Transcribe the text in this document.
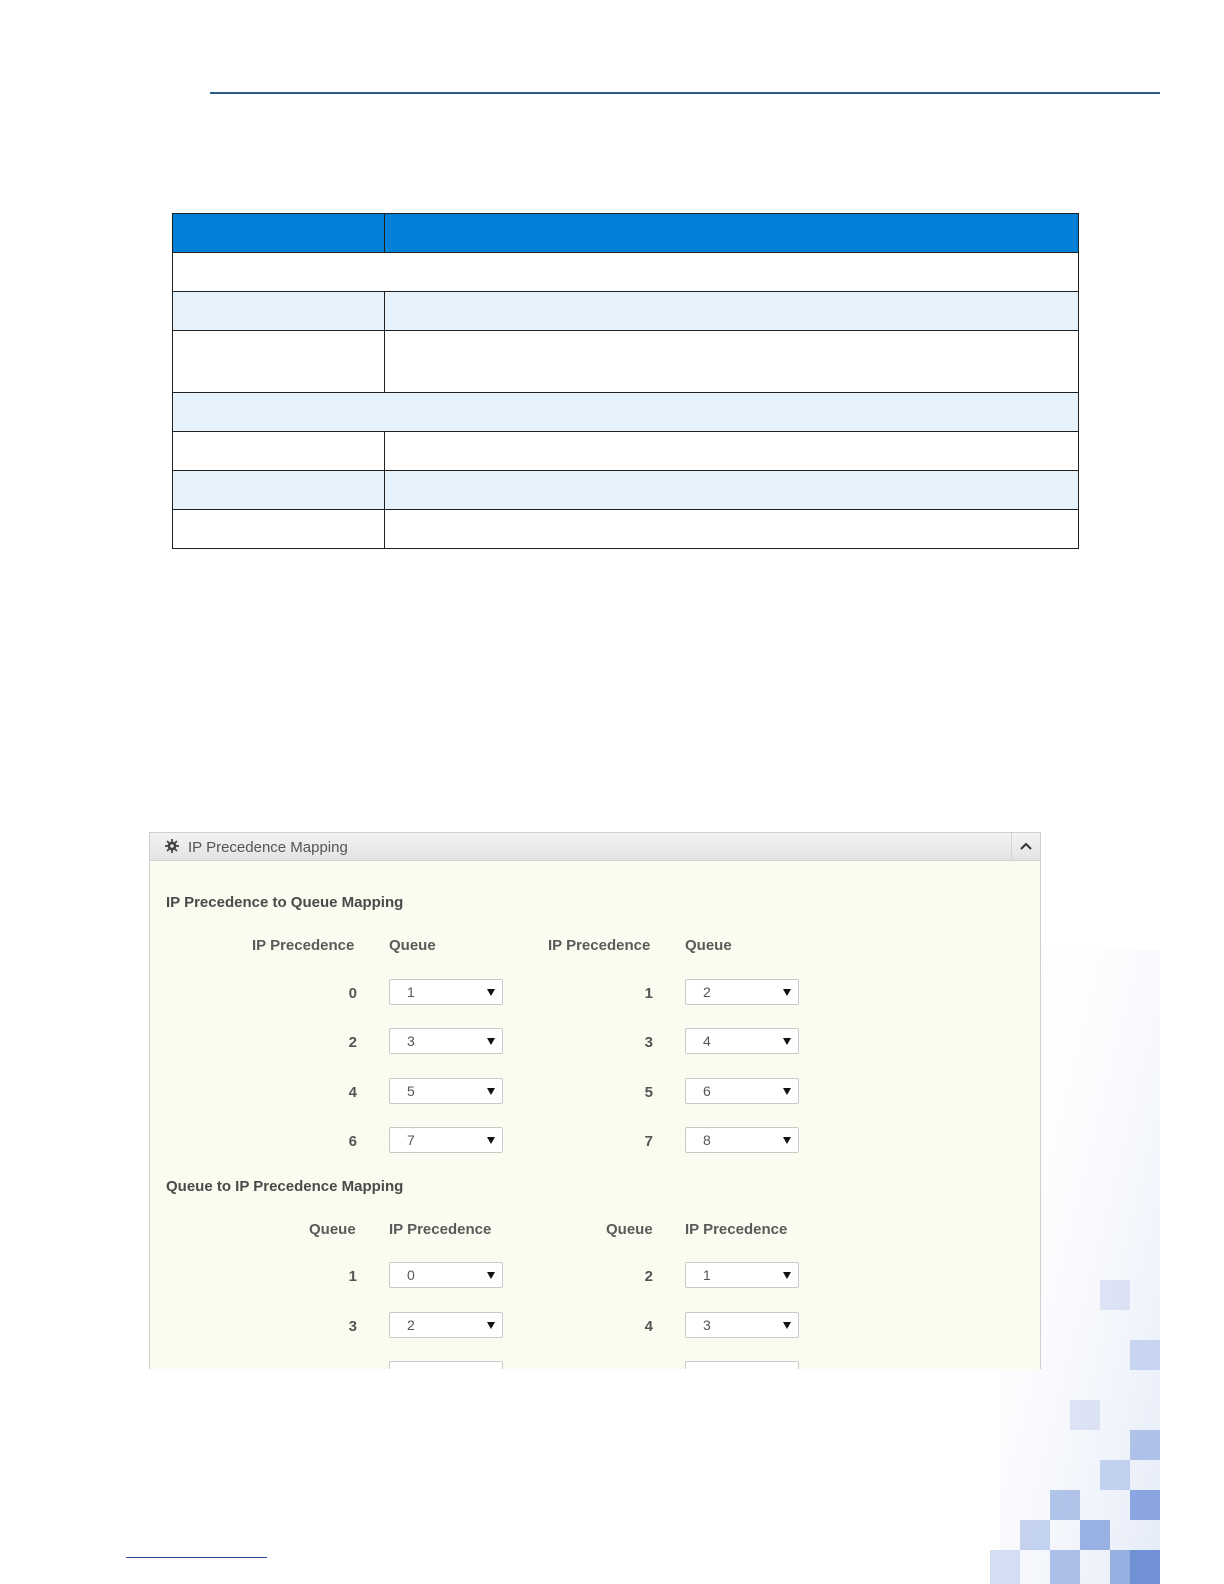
IP Precedence Mapping
IP Precedence to Queue Mapping
IP Precedence Queue	IP Precedence Queue
0	1	1	2
2	3	3	4
4	5	5	6
6	7	7	8
Queue to IP Precedence Mapping
Queue IP Precedence	Queue IP Precedence
1	0	2	1
3	2	4	3
